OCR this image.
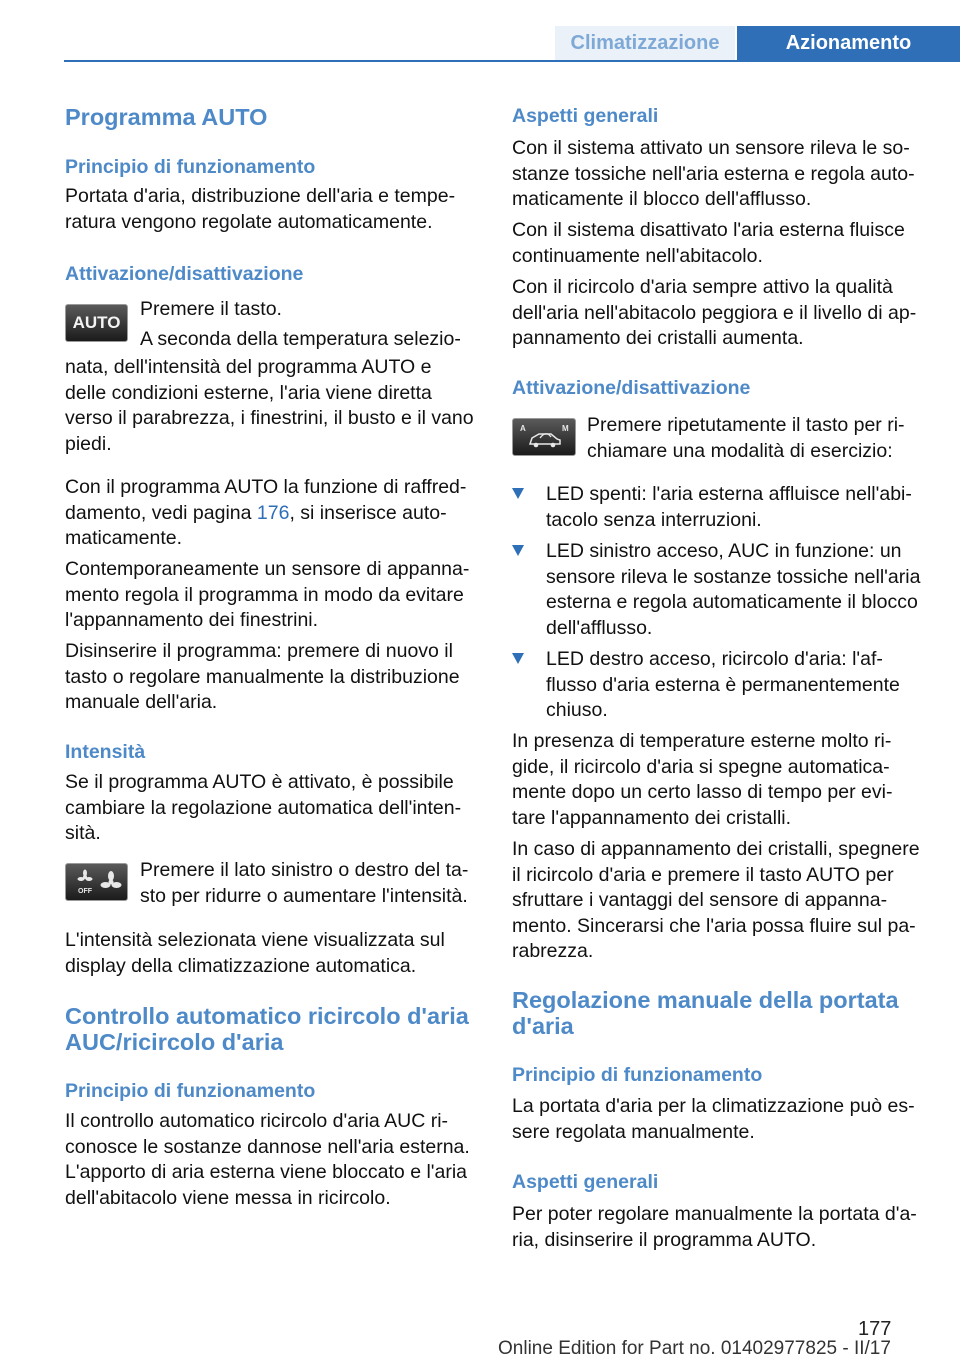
Climatizzazione	Azionamento

Programma AUTO

Principio di funzionamento

Portata d'aria, distribuzione dell'aria e tempe-

ratura vengono regolate automaticamente.

Attivazione/disattivazione

AUTO

Premere il tasto.

A seconda della temperatura selezio-

nata, dell'intensità del programma AUTO e

delle condizioni esterne, l'aria viene diretta

verso il parabrezza, i finestrini, il busto e il vano

piedi.

Con il programma AUTO la funzione di raffred-

damento, vedi pagina 176, si inserisce auto-

maticamente.

Contemporaneamente un sensore di appanna-

mento regola il programma in modo da evitare

l'appannamento dei finestrini.

Disinserire il programma: premere di nuovo il

tasto o regolare manualmente la distribuzione

manuale dell'aria.

Intensità

Se il programma AUTO è attivato, è possibile

cambiare la regolazione automatica dell'inten-

sità.

OFF

Premere il lato sinistro o destro del ta-

sto per ridurre o aumentare l'intensità.

L'intensità selezionata viene visualizzata sul

display della climatizzazione automatica.

Controllo automatico ricircolo d'aria

AUC/ricircolo d'aria

Principio di funzionamento

Il controllo automatico ricircolo d'aria AUC ri-

conosce le sostanze dannose nell'aria esterna.

L'apporto di aria esterna viene bloccato e l'aria

dell'abitacolo viene messa in ricircolo.

Aspetti generali

Con il sistema attivato un sensore rileva le so-

stanze tossiche nell'aria esterna e regola auto-

maticamente il blocco dell'afflusso.

Con il sistema disattivato l'aria esterna fluisce

continuamente nell'abitacolo.

Con il ricircolo d'aria sempre attivo la qualità

dell'aria nell'abitacolo peggiora e il livello di ap-

pannamento dei cristalli aumenta.

Attivazione/disattivazione

A	M Premere ripetutamente il tasto per ri-

chiamare una modalità di esercizio:

LED spenti: l'aria esterna affluisce nell'abi-
tacolo senza interruzioni.
LED sinistro acceso, AUC in funzione: un
sensore rileva le sostanze tossiche nell'aria
esterna e regola automaticamente il blocco
dell'afflusso.
LED destro acceso, ricircolo d'aria: l'af-
flusso d'aria esterna è permanentemente
chiuso.

In presenza di temperature esterne molto ri-

gide, il ricircolo d'aria si spegne automatica-

mente dopo un certo lasso di tempo per evi-

tare l'appannamento dei cristalli.

In caso di appannamento dei cristalli, spegnere

il ricircolo d'aria e premere il tasto AUTO per

sfruttare i vantaggi del sensore di appanna-

mento. Sincerarsi che l'aria possa fluire sul pa-

rabrezza.

Regolazione manuale della portata

d'aria

Principio di funzionamento

La portata d'aria per la climatizzazione può es-

sere regolata manualmente.

Aspetti generali

Per poter regolare manualmente la portata d'a-

ria, disinserire il programma AUTO.

177
Online Edition for Part no. 01402977825 - II/17
